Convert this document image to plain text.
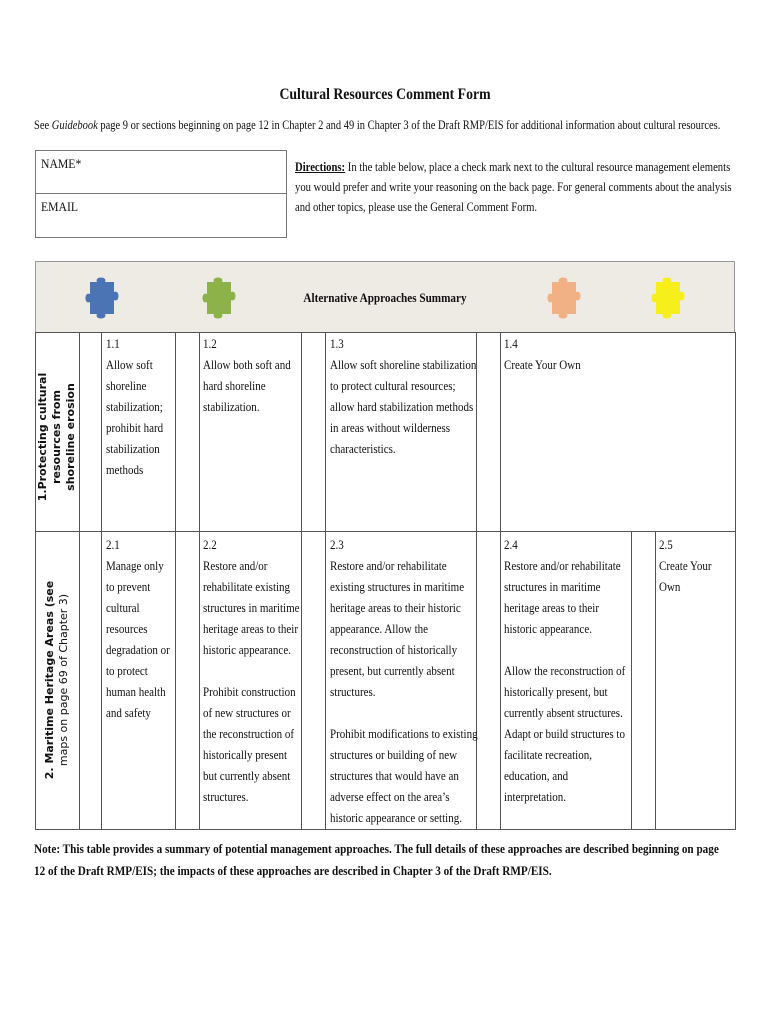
Cultural Resources Comment Form
See Guidebook page 9 or sections beginning on page 12 in Chapter 2 and 49 in Chapter 3 of the Draft RMP/EIS for additional information about cultural resources.
NAME*
EMAIL
Directions: In the table below, place a check mark next to the cultural resource management elements you would prefer and write your reasoning on the back page. For general comments about the analysis and other topics, please use the General Comment Form.
Alternative Approaches Summary
1.Protecting cultural resources from shoreline erosion
2. Maritime Heritage Areas (see maps on page 69 of Chapter 3)
1.1
Allow soft shoreline stabilization; prohibit hard stabilization methods
1.2
Allow both soft and hard shoreline stabilization.
1.3
Allow soft shoreline stabilization to protect cultural resources; allow hard stabilization methods in areas without wilderness characteristics.
1.4
Create Your Own
2.1
Manage only to prevent cultural resources degradation or to protect human health and safety
2.2
Restore and/or rehabilitate existing structures in maritime heritage areas to their historic appearance.
Prohibit construction of new structures or the reconstruction of historically present but currently absent structures.
2.3
Restore and/or rehabilitate existing structures in maritime heritage areas to their historic appearance. Allow the reconstruction of historically present, but currently absent structures.
Prohibit modifications to existing structures or building of new structures that would have an adverse effect on the area’s historic appearance or setting.
2.4
Restore and/or rehabilitate structures in maritime heritage areas to their historic appearance.
Allow the reconstruction of historically present, but currently absent structures. Adapt or build structures to facilitate recreation, education, and interpretation.
2.5
Create Your Own
Note: This table provides a summary of potential management approaches. The full details of these approaches are described beginning on page 12 of the Draft RMP/EIS; the impacts of these approaches are described in Chapter 3 of the Draft RMP/EIS.
